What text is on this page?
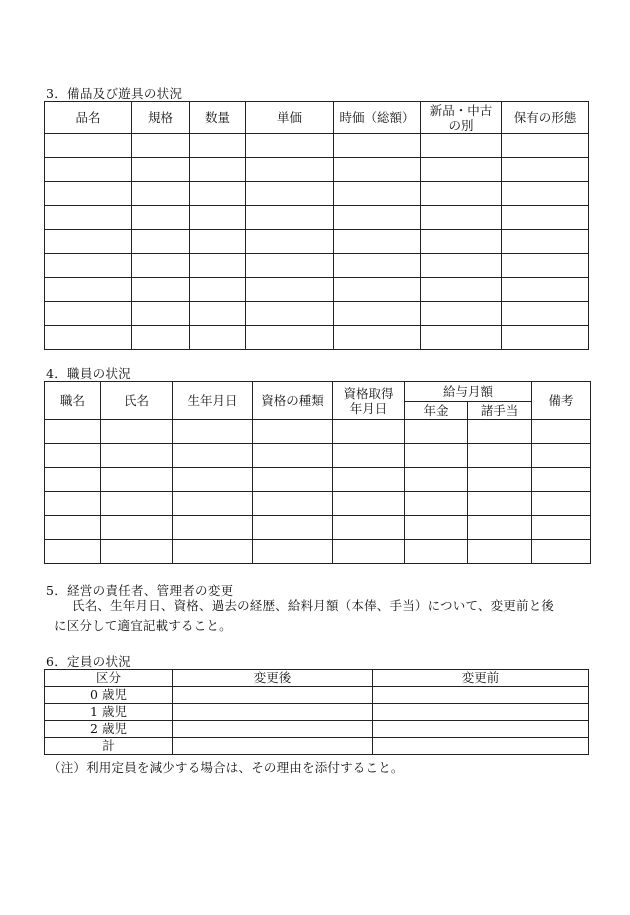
3．備品及び遊具の状況
品名	規格	数量	単価	時価（総額）	新品・中古の別	保有の形態

4．職員の状況
職名	氏名	生年月日	資格の種類	資格取得年月日	給与月額		備考
					年金	諸手当	

5．経営の責任者、管理者の変更
氏名、生年月日、資格、過去の経歴、給料月額（本俸、手当）について、変更前と後
に区分して適宜記載すること。
6．定員の状況
区分	変更後	変更前
0 歳児		
1 歳児		
2 歳児		
計		
（注）利用定員を減少する場合は、その理由を添付すること。
